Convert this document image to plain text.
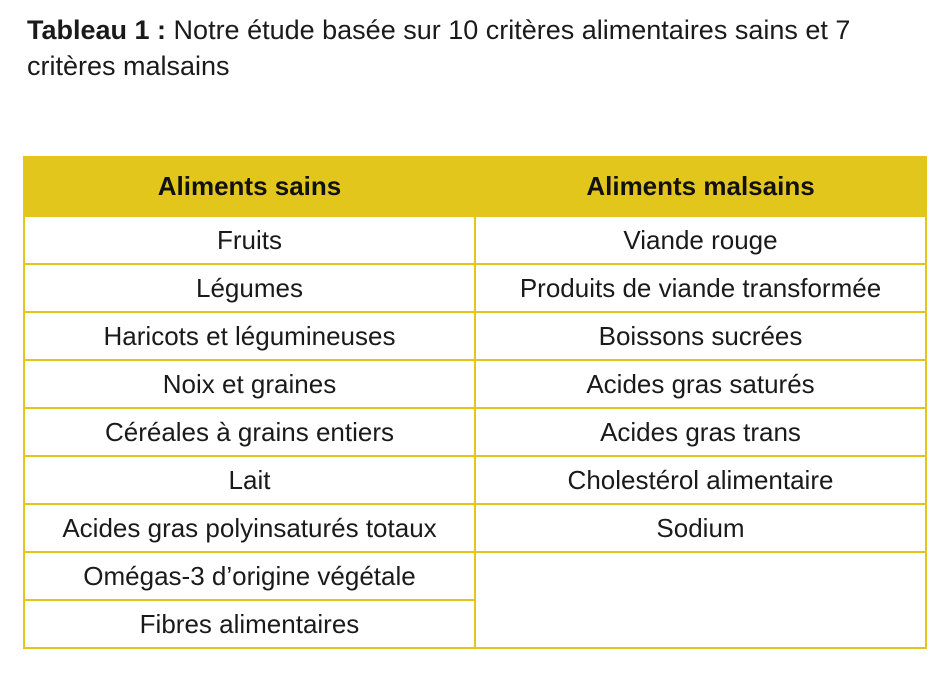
Tableau 1 : Notre étude basée sur 10 critères alimentaires sains et 7 critères malsains
Aliments sains	Aliments malsains
Fruits	Viande rouge
Légumes	Produits de viande transformée
Haricots et légumineuses	Boissons sucrées
Noix et graines	Acides gras saturés
Céréales à grains entiers	Acides gras trans
Lait	Cholestérol alimentaire
Acides gras polyinsaturés totaux	Sodium
Omégas-3 d’origine végétale	
Fibres alimentaires	
